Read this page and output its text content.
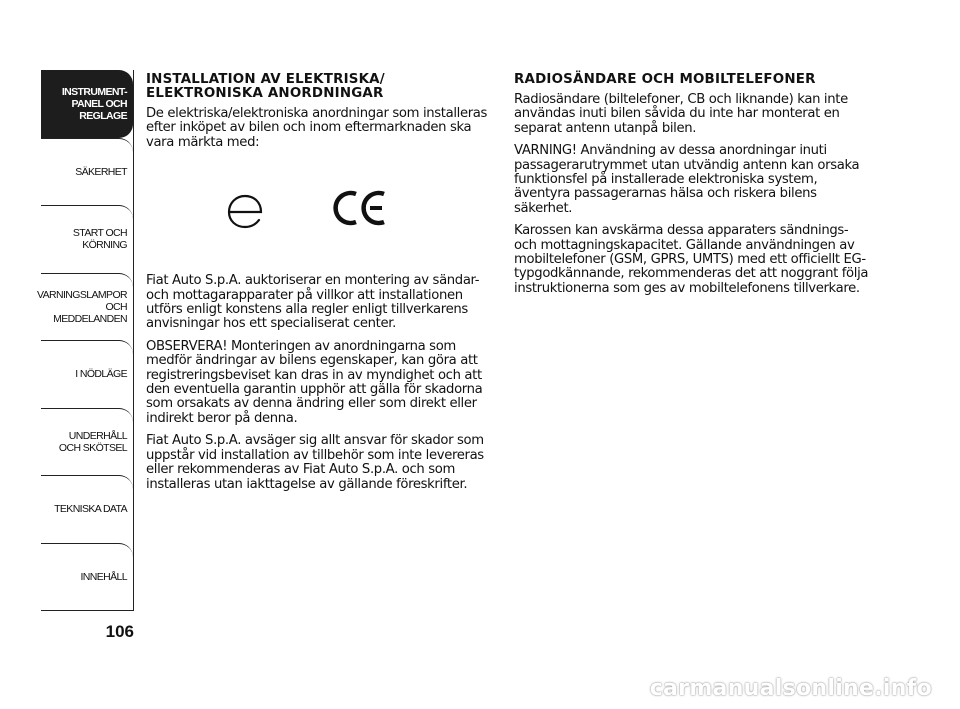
INSTRUMENT-
PANEL OCH
REGLAGE
SÄKERHET
START OCH
KÖRNING
VARNINGSLAMPOR
OCH
MEDDELANDEN
I NÖDLÄGE
UNDERHÅLL
OCH SKÖTSEL
TEKNISKA DATA
INNEHÅLL
106
INSTALLATION AV ELEKTRISKA/
ELEKTRONISKA ANORDNINGAR

De elektriska/elektroniska anordningar som installeras efter inköpet av bilen och inom eftermarknaden ska vara märkta med:

Fiat Auto S.p.A. auktoriserar en montering av sändar- och mottagarapparater på villkor att installationen utförs enligt konstens alla regler enligt tillverkarens anvisningar hos ett specialiserat center.

OBSERVERA! Monteringen av anordningarna som medför ändringar av bilens egenskaper, kan göra att registreringsbeviset kan dras in av myndighet och att den eventuella garantin upphör att gälla för skadorna som orsakats av denna ändring eller som direkt eller indirekt beror på denna.

Fiat Auto S.p.A. avsäger sig allt ansvar för skador som uppstår vid installation av tillbehör som inte levereras eller rekommenderas av Fiat Auto S.p.A. och som installeras utan iakttagelse av gällande föreskrifter.

RADIOSÄNDARE OCH MOBILTELEFONER

Radiosändare (biltelefoner, CB och liknande) kan inte användas inuti bilen såvida du inte har monterat en separat antenn utanpå bilen.

VARNING! Användning av dessa anordningar inuti passagerarutrymmet utan utvändig antenn kan orsaka funktionsfel på installerade elektroniska system, äventyra passagerarnas hälsa och riskera bilens säkerhet.

Karossen kan avskärma dessa apparaters sändnings- och mottagningskapacitet. Gällande användningen av mobiltelefoner (GSM, GPRS, UMTS) med ett officiellt EG-typgodkännande, rekommenderas det att noggrant följa instruktionerna som ges av mobiltelefonens tillverkare.

carmanualsonline.info
